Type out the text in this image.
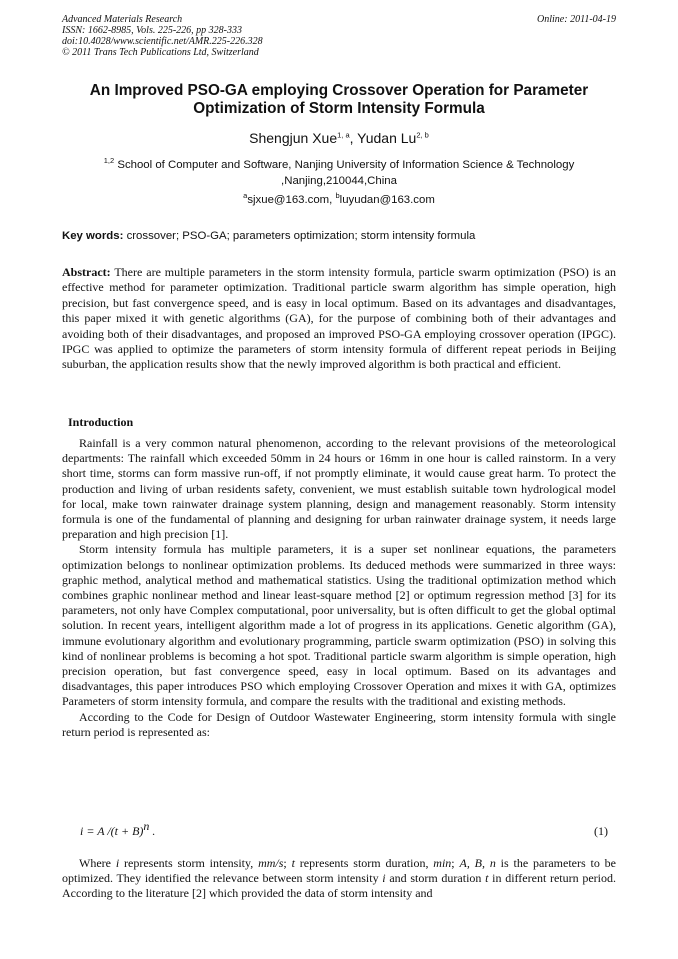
Advanced Materials Research
ISSN: 1662-8985, Vols. 225-226, pp 328-333
doi:10.4028/www.scientific.net/AMR.225-226.328
© 2011 Trans Tech Publications Ltd, Switzerland
Online: 2011-04-19
An Improved PSO-GA employing Crossover Operation for Parameter Optimization of Storm Intensity Formula
Shengjun Xue$^{1, a}$, Yudan Lu$^{2, b}$
$^{1,2}$ School of Computer and Software, Nanjing University of Information Science & Technology ,Nanjing,210044,China
$^a$sjxue@163.com, $^b$luyudan@163.com
Key words: crossover; PSO-GA; parameters optimization; storm intensity formula
Abstract: There are multiple parameters in the storm intensity formula, particle swarm optimization (PSO) is an effective method for parameter optimization. Traditional particle swarm algorithm has simple operation, high precision, but fast convergence speed, and is easy in local optimum. Based on its advantages and disadvantages, this paper mixed it with genetic algorithms (GA), for the purpose of combining both of their advantages and avoiding both of their disadvantages, and proposed an improved PSO-GA employing crossover operation (IPGC). IPGC was applied to optimize the parameters of storm intensity formula of different repeat periods in Beijing suburban, the application results show that the newly improved algorithm is both practical and efficient.
Introduction

Rainfall is a very common natural phenomenon, according to the relevant provisions of the meteorological departments: The rainfall which exceeded 50mm in 24 hours or 16mm in one hour is called rainstorm. In a very short time, storms can form massive run-off, if not promptly eliminate, it would cause great harm. To protect the production and living of urban residents safety, convenient, we must establish suitable town hydrological model for local, make town rainwater drainage system planning, design and management reasonably. Storm intensity formula is one of the fundamental of planning and designing for urban rainwater drainage system, it needs large preparation and high precision [1].

Storm intensity formula has multiple parameters, it is a super set nonlinear equations, the parameters optimization belongs to nonlinear optimization problems. Its deduced methods were summarized in three ways: graphic method, analytical method and mathematical statistics. Using the traditional optimization method which combines graphic nonlinear method and linear least-square method [2] or optimum regression method [3] for its parameters, not only have Complex computational, poor universality, but is often difficult to get the global optimal solution. In recent years, intelligent algorithm made a lot of progress in its applications. Genetic algorithm (GA), immune evolutionary algorithm and evolutionary programming, particle swarm optimization (PSO) in solving this kind of nonlinear problems is becoming a hot spot. Traditional particle swarm algorithm is simple operation, high precision operation, but fast convergence speed, easy in local optimum. Based on its advantages and disadvantages, this paper introduces PSO which employing Crossover Operation and mixes it with GA, optimizes Parameters of storm intensity formula, and compare the results with the traditional and existing methods.

According to the Code for Design of Outdoor Wastewater Engineering, storm intensity formula with single return period is represented as:

i = A $/(t + B)^n$ .	(1)

Where i represents storm intensity, mm/s; t represents storm duration, min; A, B, n is the parameters to be optimized. They identified the relevance between storm intensity i and storm duration t in different return period. According to the literature [2] which provided the data of storm intensity and
